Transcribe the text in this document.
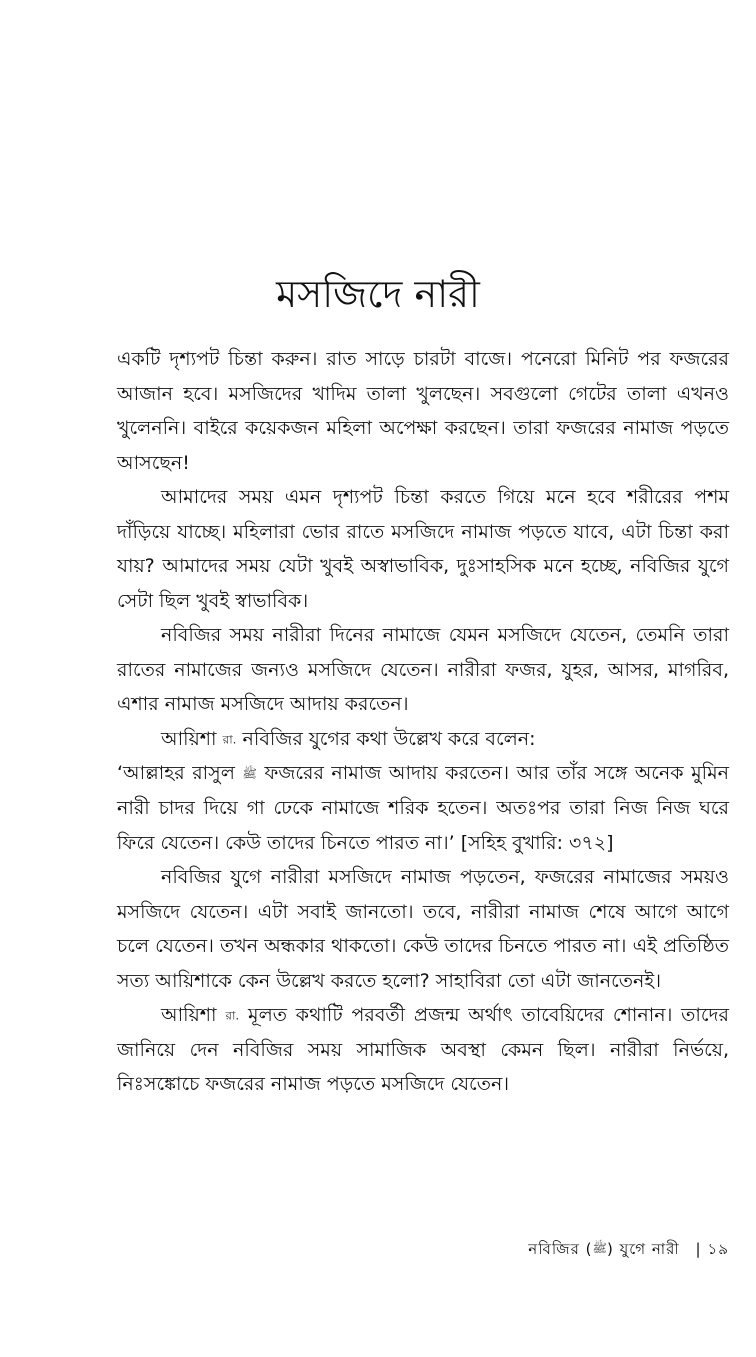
মসজিদে নারী

একটি দৃশ্যপট চিন্তা করুন। রাত সাড়ে চারটা বাজে। পনেরো মিনিট পর ফজরের আজান হবে। মসজিদের খাদিম তালা খুলছেন। সবগুলো গেটের তালা এখনও খুলেননি। বাইরে কয়েকজন মহিলা অপেক্ষা করছেন। তারা ফজরের নামাজ পড়তে আসছেন!

আমাদের সময় এমন দৃশ্যপট চিন্তা করতে গিয়ে মনে হবে শরীরের পশম দাঁড়িয়ে যাচ্ছে। মহিলারা ভোর রাতে মসজিদে নামাজ পড়তে যাবে, এটা চিন্তা করা যায়? আমাদের সময় যেটা খুবই অস্বাভাবিক, দুঃসাহসিক মনে হচ্ছে, নবিজির যুগে সেটা ছিল খুবই স্বাভাবিক।

নবিজির সময় নারীরা দিনের নামাজে যেমন মসজিদে যেতেন, তেমনি তারা রাতের নামাজের জন্যও মসজিদে যেতেন। নারীরা ফজর, যুহর, আসর, মাগরিব, এশার নামাজ মসজিদে আদায় করতেন।

আয়িশা রা. নবিজির যুগের কথা উল্লেখ করে বলেন:

‘আল্লাহর রাসুল ﷺ ফজরের নামাজ আদায় করতেন। আর তাঁর সঙ্গে অনেক মুমিন নারী চাদর দিয়ে গা ঢেকে নামাজে শরিক হতেন। অতঃপর তারা নিজ নিজ ঘরে ফিরে যেতেন। কেউ তাদের চিনতে পারত না।’ [সহিহ বুখারি: ৩৭২]

নবিজির যুগে নারীরা মসজিদে নামাজ পড়তেন, ফজরের নামাজের সময়ও মসজিদে যেতেন। এটা সবাই জানতো। তবে, নারীরা নামাজ শেষে আগে আগে চলে যেতেন। তখন অন্ধকার থাকতো। কেউ তাদের চিনতে পারত না। এই প্রতিষ্ঠিত সত্য আয়িশাকে কেন উল্লেখ করতে হলো? সাহাবিরা তো এটা জানতেনই।

আয়িশা রা. মূলত কথাটি পরবর্তী প্রজন্ম অর্থাৎ তাবেয়িদের শোনান। তাদের জানিয়ে দেন নবিজির সময় সামাজিক অবস্থা কেমন ছিল। নারীরা নির্ভয়ে, নিঃসঙ্কোচে ফজরের নামাজ পড়তে মসজিদে যেতেন।

নবিজির (ﷺ) যুগে নারী | ১৯
